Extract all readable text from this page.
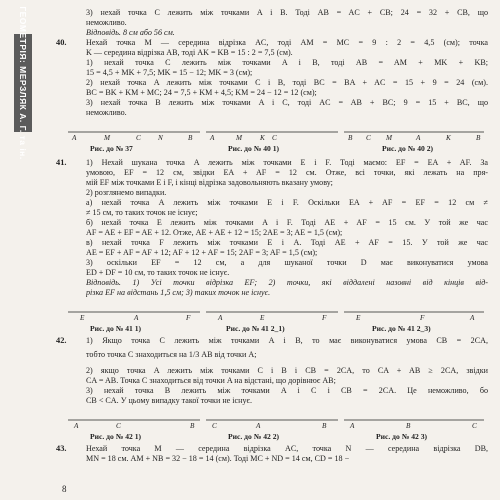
ГЕОМЕТРІЯ: МЕРЗЛЯК А. Г. та ін.	3) нехай точка C лежить між точками A і B. Тоді AB = AC + CB; 24 = 32 + CB, що
неможливо.
Відповідь. 8 см або 56 см.
40. Нехай точка M — середина відрізка AC, тоді AM = MC = 9 : 2 = 4,5 (см); точка
K — середина відрізка AB, тоді AK = KB = 15 : 2 = 7,5 (см).
1) нехай точка C лежить між точками A і B, тоді AB = AM + MK + KB;
15 = 4,5 + MK + 7,5; MK = 15 − 12; MK = 3 (см);
2) нехай точка A лежить між точками C і B, тоді BC = BA + AC = 15 + 9 = 24 (см).
BC = BK + KM + MC; 24 = 7,5 + KM + 4,5; KM = 24 − 12 = 12 (см);
3) нехай точка B лежить між точками A і C, тоді AC = AB + BC; 9 = 15 + BC, що
неможливо.
A	M	C N	B A	M	K C	B C M	A	K	B
Рис. до № 37	Рис. до № 40 1)	Рис. до № 40 2)
41. 1) Нехай шукана точка A лежить між точками E і F. Тоді маємо: EF = EA + AF. За
умовою, EF = 12 см, звідки EA + AF = 12 см. Отже, всі точки, які лежать на пря-
мій EF між точками E і F, і кінці відрізка задовольняють вказану умову;
2) розглянемо випадки.
а) нехай точка A лежить між точками E і F. Оскільки EA + AF = EF = 12 см ≠
≠ 15 см, то таких точок не існує;
б) нехай точка E лежить між точками A і F. Тоді AE + AF = 15 см. У той же час
AF = AE + EF = AE + 12. Отже, AE + AE + 12 = 15; 2AE = 3; AE = 1,5 (см);
в) нехай точка F лежить між точками E і A. Тоді AE + AF = 15. У той же час
AE = EF + AF = AF + 12; AF + 12 + AF = 15; 2AF = 3; AF = 1,5 (см);
3) оскільки EF = 12 см, а для шуканої точки D має виконуватися умова
ED + DF = 10 см, то таких точок не існує.
Відповідь. 1) Усі точки відрізка EF; 2) точки, які віддалені назовні від кінців від-
різка EF на відстань 1,5 см; 3) таких точок не існує.
E	A	F	A	E	F	E	F	A
Рис. до № 41 1)	Рис. до № 41 2_1)	Рис. до № 41 2_3)
42. 1) Якщо точка C лежить між точками A і B, то має виконуватися умова CB = 2CA,
тобто точка C знаходиться на 1/3 AB від точки A;
2) якщо точка A лежить між точками C і B і CB = 2CA, то CA + AB ≥ 2CA, звідки
CA = AB. Точка C знаходиться від точки A на відстані, що дорівнює AB;
3) нехай точка B лежить між точками A і C і CB = 2CA. Це неможливо, бо
CB < CA. У цьому випадку такої точки не існує.
A	C	B C	A	B	A	B	C
Рис. до № 42 1)	Рис. до № 42 2)	Рис. до № 42 3)
43. Нехай точка M — середина відрізка AC, точка N — середина відрізка DB,
MN = 18 см. AM + NB = 32 − 18 = 14 (см). Тоді MC + ND = 14 см, CD = 18 −
8
